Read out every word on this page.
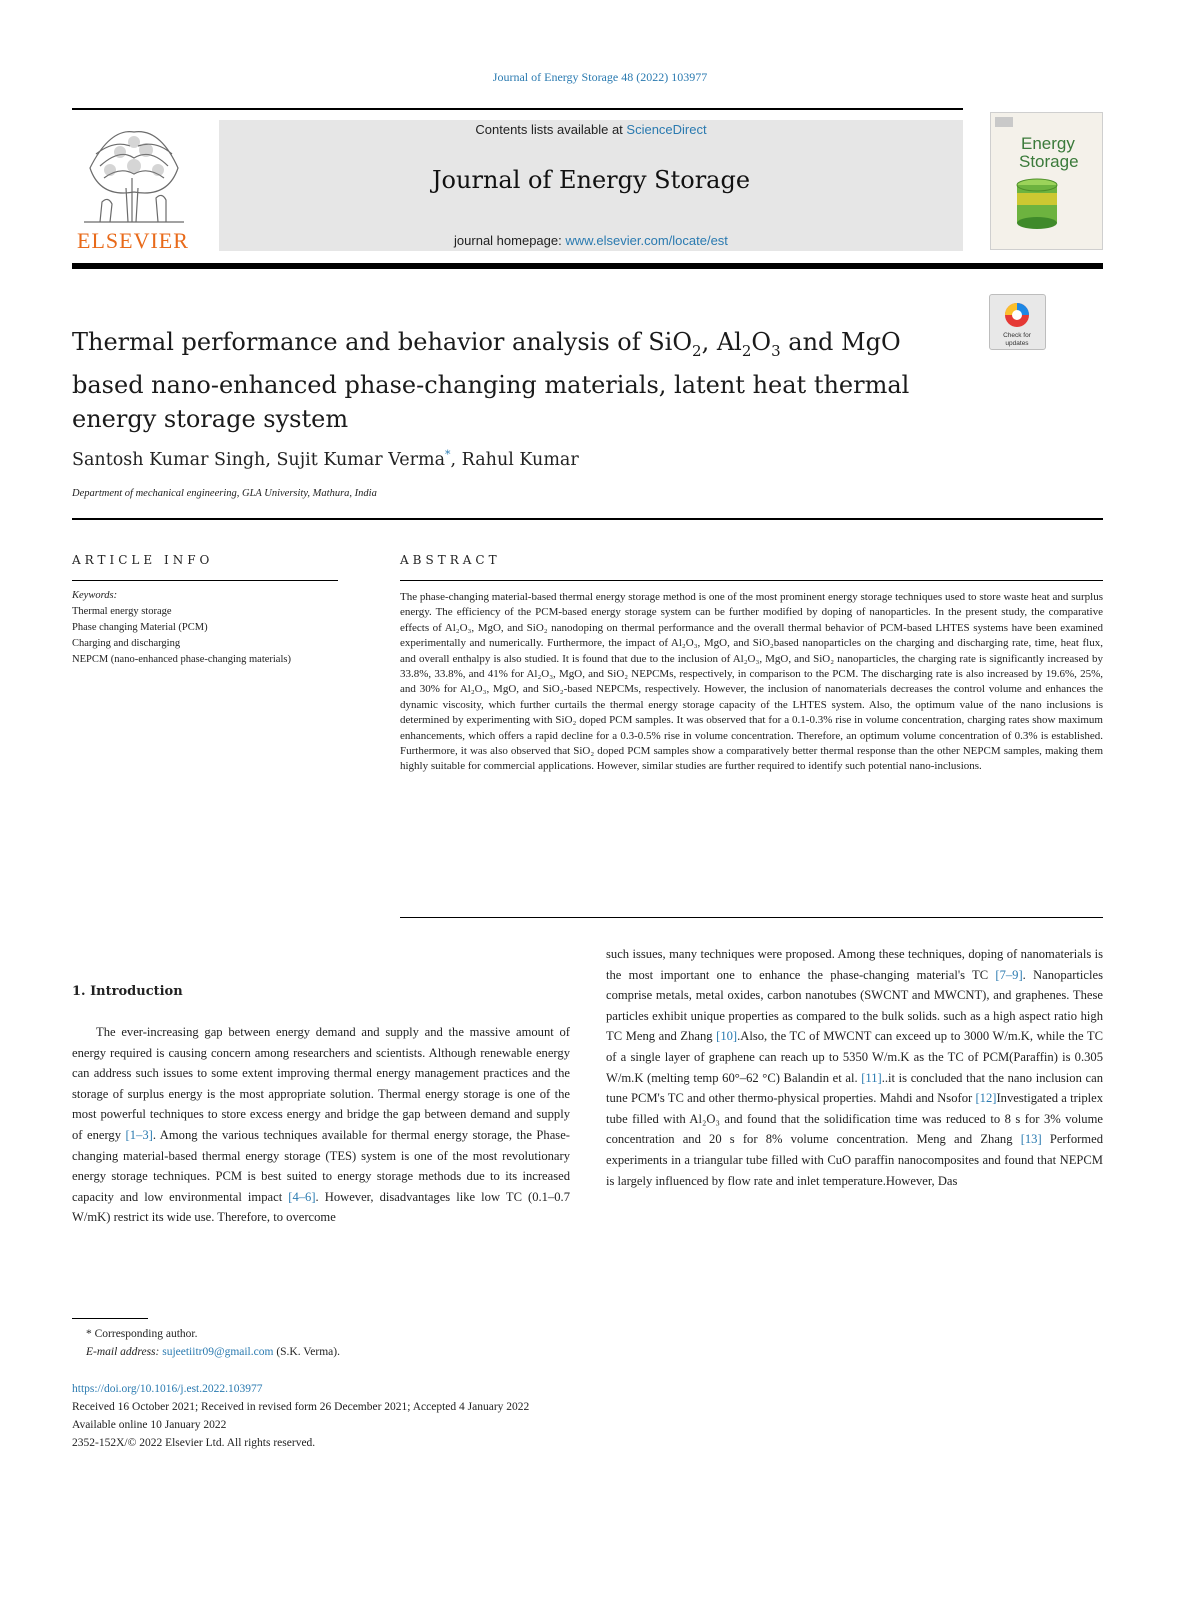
Journal of Energy Storage 48 (2022) 103977
ELSEVIER
Contents lists available at ScienceDirect
Journal of Energy Storage
journal homepage: www.elsevier.com/locate/est
Energy
Storage
Check for
updates
Thermal performance and behavior analysis of SiO$_2$, $Al_2O_3$ and MgO based nano-enhanced phase-changing materials, latent heat thermal energy storage system
Santosh Kumar Singh, Sujit Kumar Verma*, Rahul Kumar
Department of mechanical engineering, GLA University, Mathura, India
ARTICLE INFO
Keywords:
Thermal energy storage
Phase changing Material (PCM)
Charging and discharging
NEPCM (nano-enhanced phase-changing materials)
ABSTRACT

The phase-changing material-based thermal energy storage method is one of the most prominent energy storage techniques used to store waste heat and surplus energy. The efficiency of the PCM-based energy storage system can be further modified by doping of nanoparticles. In the present study, the comparative effects of Al₂O₃, MgO, and SiO₂ nanodoping on thermal performance and the overall thermal behavior of PCM-based LHTES systems have been examined experimentally and numerically. Furthermore, the impact of Al₂O₃, MgO, and SiO₂based nanoparticles on the charging and discharging rate, time, heat flux, and overall enthalpy is also studied. It is found that due to the inclusion of Al₂O₃, MgO, and SiO₂ nanoparticles, the charging rate is significantly increased by 33.8%, 33.8%, and 41% for Al₂O₃, MgO, and SiO₂ NEPCMs, respectively, in comparison to the PCM. The discharging rate is also increased by 19.6%, 25%, and 30% for Al₂O₃, MgO, and SiO₂-based NEPCMs, respectively. However, the inclusion of nanomaterials decreases the control volume and enhances the dynamic viscosity, which further curtails the thermal energy storage capacity of the LHTES system. Also, the optimum value of the nano inclusions is determined by experimenting with SiO₂ doped PCM samples. It was observed that for a 0.1-0.3% rise in volume concentration, charging rates show maximum enhancements, which offers a rapid decline for a 0.3-0.5% rise in volume concentration. Therefore, an optimum volume concentration of 0.3% is established. Furthermore, it was also observed that SiO₂ doped PCM samples show a comparatively better thermal response than the other NEPCM samples, making them highly suitable for commercial applications. However, similar studies are further required to identify such potential nano-inclusions.

1. Introduction

The ever-increasing gap between energy demand and supply and the massive amount of energy required is causing concern among researchers and scientists. Although renewable energy can address such issues to some extent improving thermal energy management practices and the storage of surplus energy is the most appropriate solution. Thermal energy storage is one of the most powerful techniques to store excess energy and bridge the gap between demand and supply of energy [1–3]. Among the various techniques available for thermal energy storage, the Phase-changing material-based thermal energy storage (TES) system is one of the most revolutionary energy storage techniques. PCM is best suited to energy storage methods due to its increased capacity and low environmental impact [4–6]. However, disadvantages like low TC (0.1–0.7 W/mK) restrict its wide use. Therefore, to overcome

such issues, many techniques were proposed. Among these techniques, doping of nanomaterials is the most important one to enhance the phase-changing material's TC [7–9]. Nanoparticles comprise metals, metal oxides, carbon nanotubes (SWCNT and MWCNT), and graphenes. These particles exhibit unique properties as compared to the bulk solids. such as a high aspect ratio high TC Meng and Zhang [10].Also, the TC of MWCNT can exceed up to 3000 W/m.K, while the TC of a single layer of graphene can reach up to 5350 W/m.K as the TC of PCM(Paraffin) is 0.305 W/m.K (melting temp 60°–62 °C) Balandin et al. [11]..it is concluded that the nano inclusion can tune PCM's TC and other thermo-physical properties. Mahdi and Nsofor [12]Investigated a triplex tube filled with Al₂O₃ and found that the solidification time was reduced to 8 s for 3% volume concentration and 20 s for 8% volume concentration. Meng and Zhang [13] Performed experiments in a triangular tube filled with CuO paraffin nanocomposites and found that NEPCM is largely influenced by flow rate and inlet temperature.However, Das

* Corresponding author.
E-mail address: sujeetiitr09@gmail.com (S.K. Verma).
https://doi.org/10.1016/j.est.2022.103977
Received 16 October 2021; Received in revised form 26 December 2021; Accepted 4 January 2022
Available online 10 January 2022
2352-152X/© 2022 Elsevier Ltd. All rights reserved.
